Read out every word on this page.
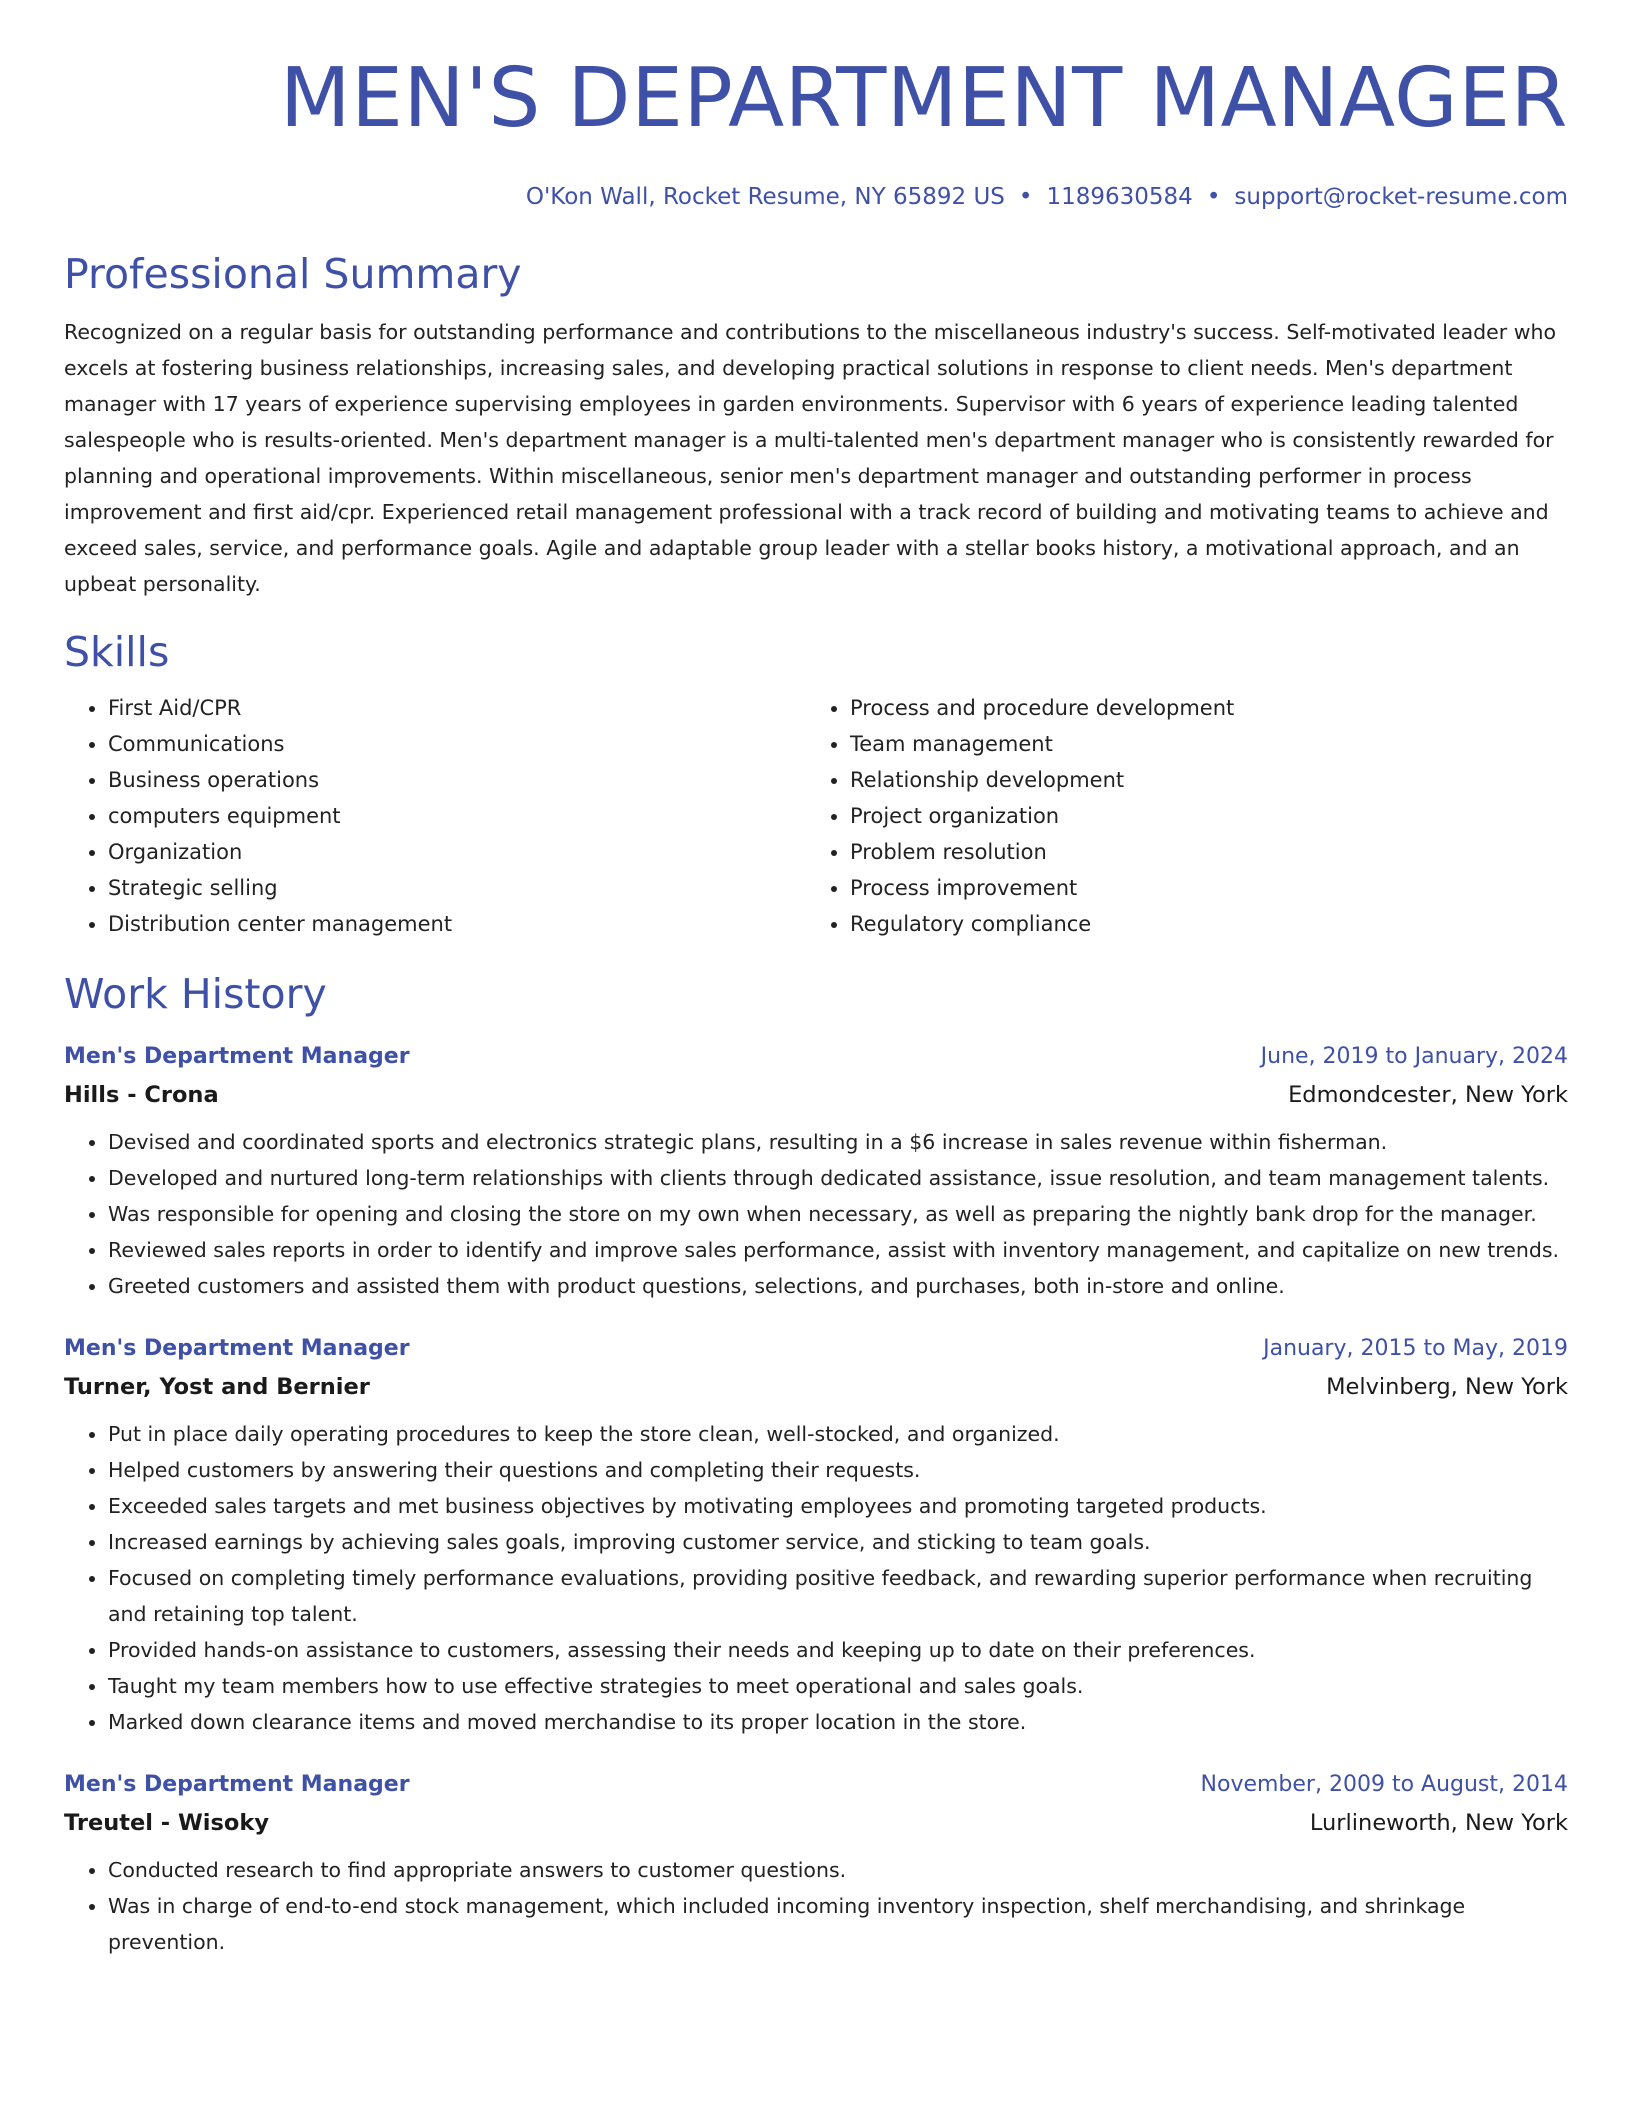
MEN'S DEPARTMENT MANAGER
O'Kon Wall, Rocket Resume, NY 65892 US • 1189630584 • support@rocket-resume.com
Professional Summary
Recognized on a regular basis for outstanding performance and contributions to the miscellaneous industry's success. Self-motivated leader who excels at fostering business relationships, increasing sales, and developing practical solutions in response to client needs. Men's department manager with 17 years of experience supervising employees in garden environments. Supervisor with 6 years of experience leading talented salespeople who is results-oriented. Men's department manager is a multi-talented men's department manager who is consistently rewarded for planning and operational improvements. Within miscellaneous, senior men's department manager and outstanding performer in process improvement and first aid/cpr. Experienced retail management professional with a track record of building and motivating teams to achieve and exceed sales, service, and performance goals. Agile and adaptable group leader with a stellar books history, a motivational approach, and an upbeat personality.
Skills
• First Aid/CPR
• Communications
• Business operations
• computers equipment
• Organization
• Strategic selling
• Distribution center management
• Process and procedure development
• Team management
• Relationship development
• Project organization
• Problem resolution
• Process improvement
• Regulatory compliance
Work History
Men's Department Manager	June, 2019 to January, 2024
Hills - Crona	Edmondcester, New York
• Devised and coordinated sports and electronics strategic plans, resulting in a $6 increase in sales revenue within fisherman.
• Developed and nurtured long-term relationships with clients through dedicated assistance, issue resolution, and team management talents.
• Was responsible for opening and closing the store on my own when necessary, as well as preparing the nightly bank drop for the manager.
• Reviewed sales reports in order to identify and improve sales performance, assist with inventory management, and capitalize on new trends.
• Greeted customers and assisted them with product questions, selections, and purchases, both in-store and online.
Men's Department Manager	January, 2015 to May, 2019
Turner, Yost and Bernier	Melvinberg, New York
• Put in place daily operating procedures to keep the store clean, well-stocked, and organized.
• Helped customers by answering their questions and completing their requests.
• Exceeded sales targets and met business objectives by motivating employees and promoting targeted products.
• Increased earnings by achieving sales goals, improving customer service, and sticking to team goals.
• Focused on completing timely performance evaluations, providing positive feedback, and rewarding superior performance when recruiting and retaining top talent.
• Provided hands-on assistance to customers, assessing their needs and keeping up to date on their preferences.
• Taught my team members how to use effective strategies to meet operational and sales goals.
• Marked down clearance items and moved merchandise to its proper location in the store.
Men's Department Manager	November, 2009 to August, 2014
Treutel - Wisoky	Lurlineworth, New York
• Conducted research to find appropriate answers to customer questions.
• Was in charge of end-to-end stock management, which included incoming inventory inspection, shelf merchandising, and shrinkage prevention.
